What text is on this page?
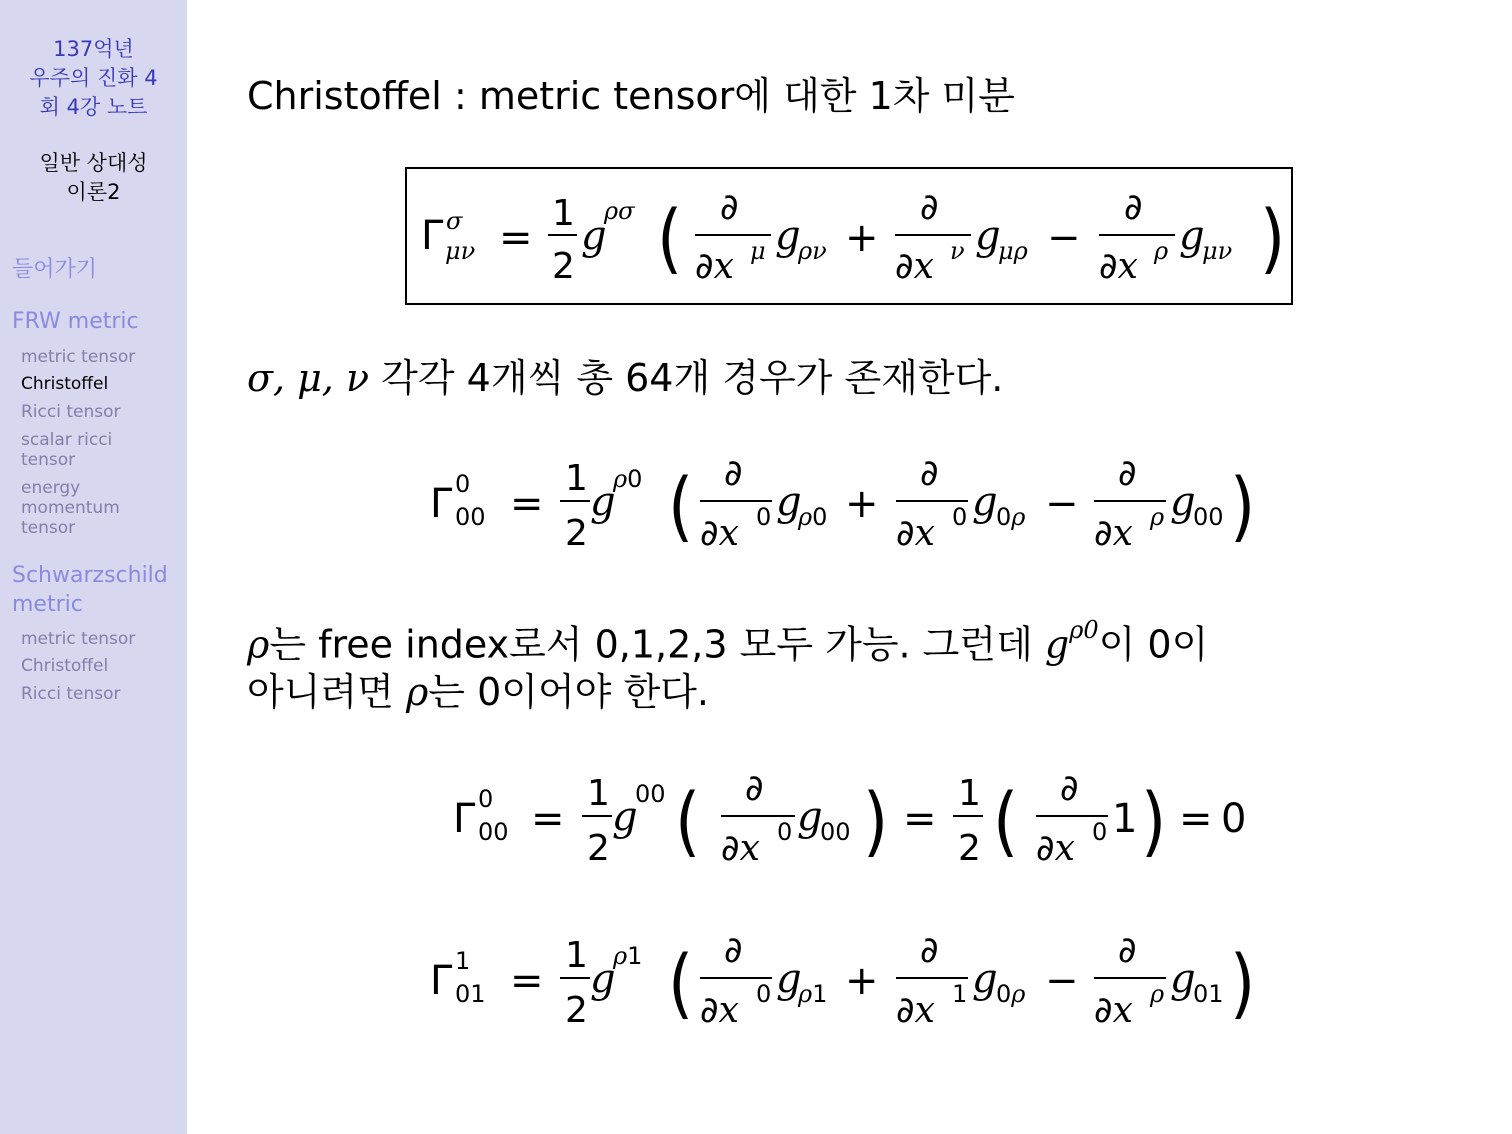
137억년
우주의 진화 4
회 4강 노트
일반 상대성
이론2
들어가기
FRW metric
metric tensor
Christoffel
Ricci tensor
scalar ricci tensor
energy momentum tensor
Schwarzschild metric
metric tensor
Christoffel
Ricci tensor
Christoffel : metric tensor에 대한 1차 미분
Γ σ
μν =
1
2
g
ρσ ( ∂
∂x μ g
ρν +
∂
∂x ν g
μρ −
∂
∂x ρ g
μν )
σ, μ, ν 각각 4개씩 총 64개 경우가 존재한다.
Γ 0
00 =
1
2
g
ρ0 ( ∂
∂x 0 g
ρ0 +
∂
∂x 0 g
0ρ −
∂
∂x ρ g
00 )
ρ는 free index로서 0,1,2,3 모두 가능. 그런데 $g^{\rho 0}$이 0이
아니려면 ρ는 0이어야 한다.
Γ 0
00 =
1
2
g
00 ( ∂
∂x 0 g
00 ) =
1
2 ( ∂
∂x 0 1 ) = 0
Γ 1
01 =
1
2
g
ρ1 ( ∂
∂x 0 g
ρ1 +
∂
∂x 1 g
0ρ −
∂
∂x ρ g
01 )
